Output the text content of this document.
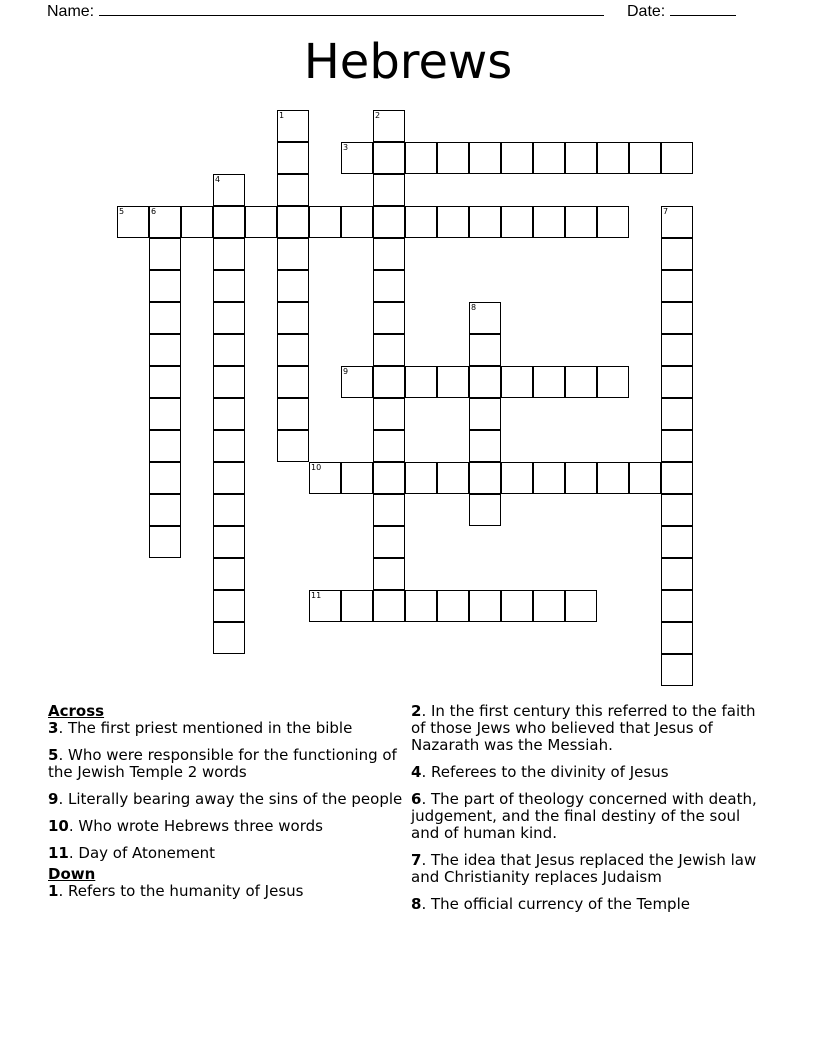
Name:	Date:
Hebrews
1	2
3
4
5	6	7
8
9
10
11
Across
3. The first priest mentioned in the bible
5. Who were responsible for the functioning of the Jewish Temple 2 words
9. Literally bearing away the sins of the people
10. Who wrote Hebrews three words
11. Day of Atonement
Down
1. Refers to the humanity of Jesus
2. In the first century this referred to the faith of those Jews who believed that Jesus of Nazarath was the Messiah.
4. Referees to the divinity of Jesus
6. The part of theology concerned with death, judgement, and the final destiny of the soul and of human kind.
7. The idea that Jesus replaced the Jewish law and Christianity replaces Judaism
8. The official currency of the Temple
